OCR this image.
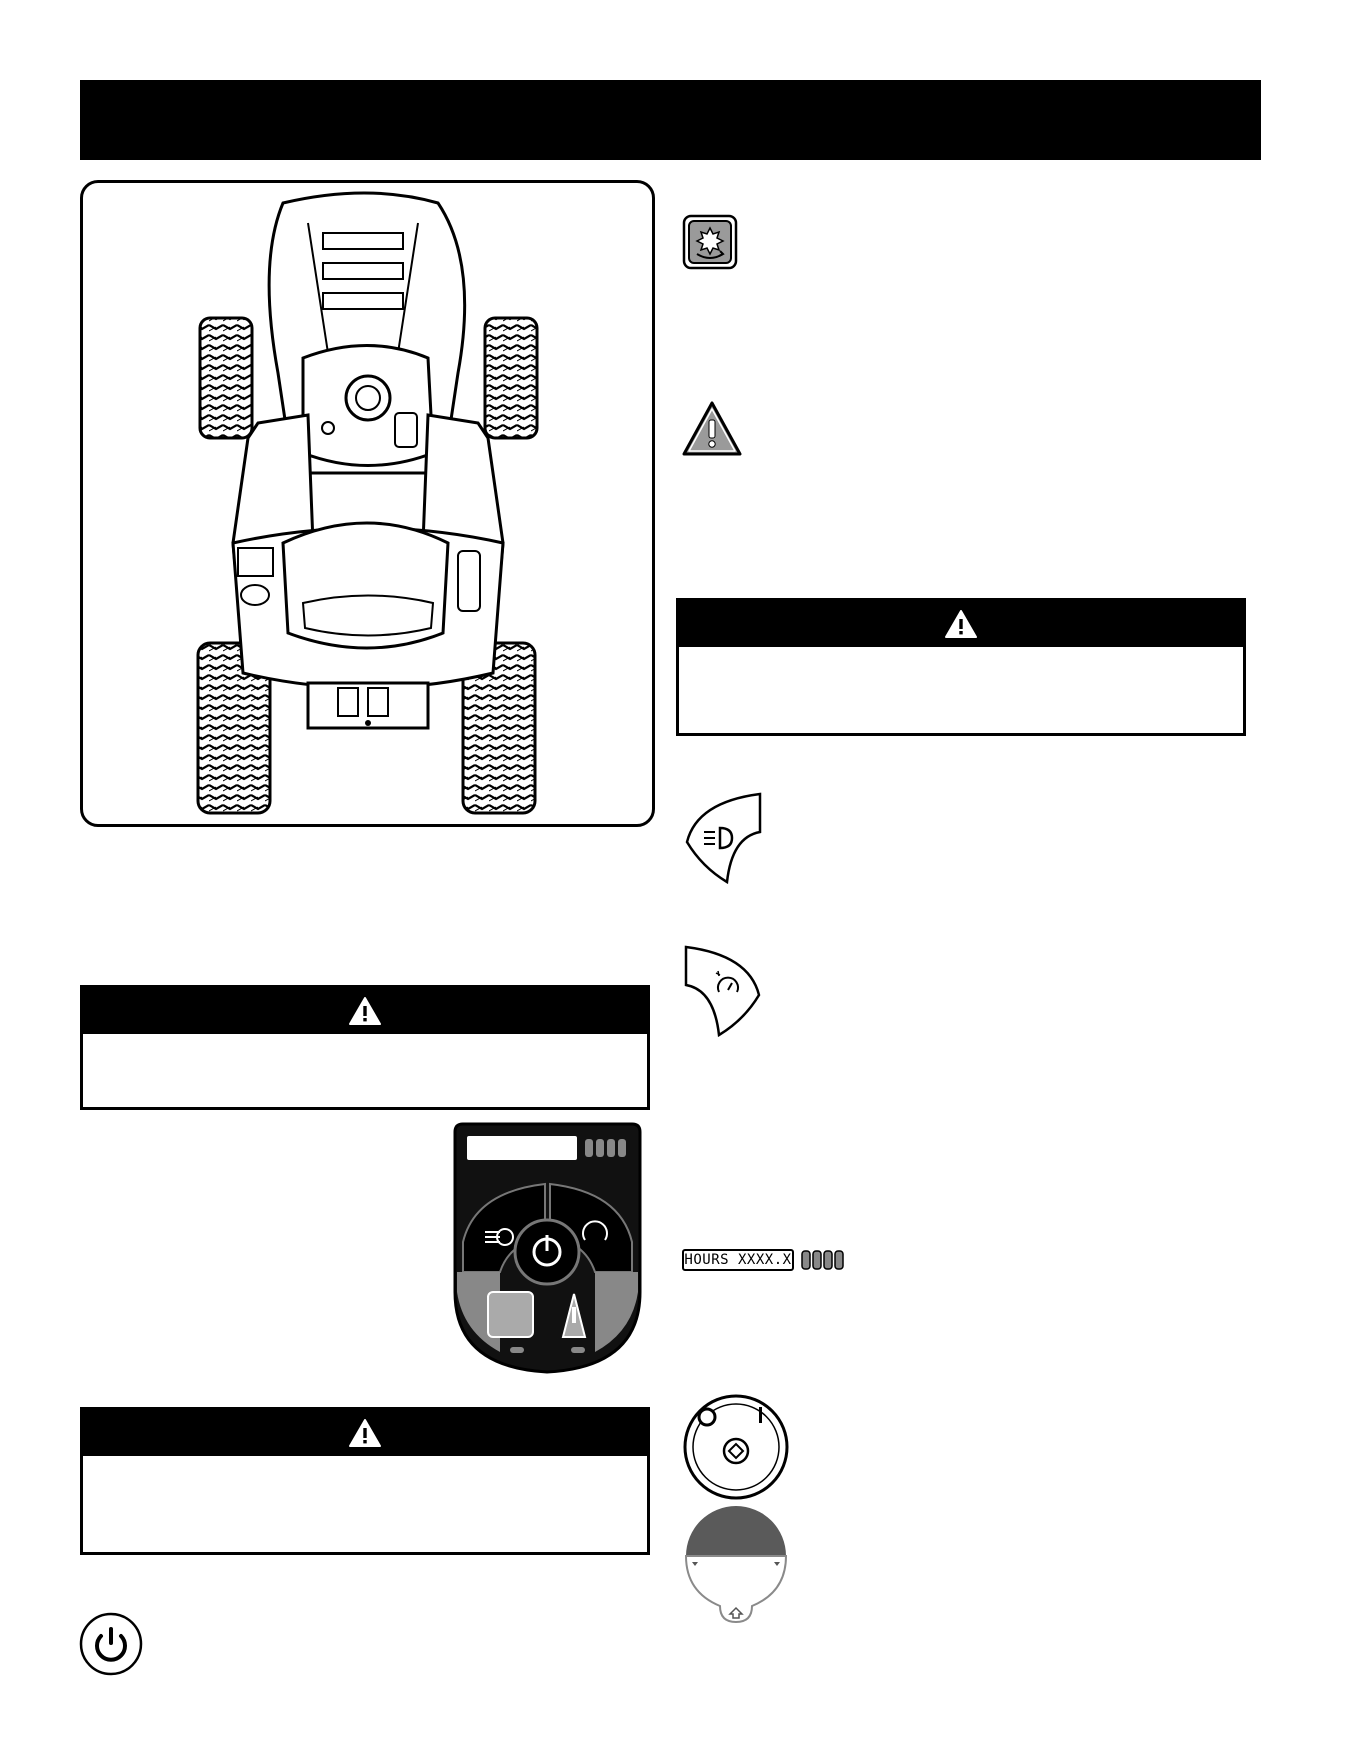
HOURS XXXX.X
